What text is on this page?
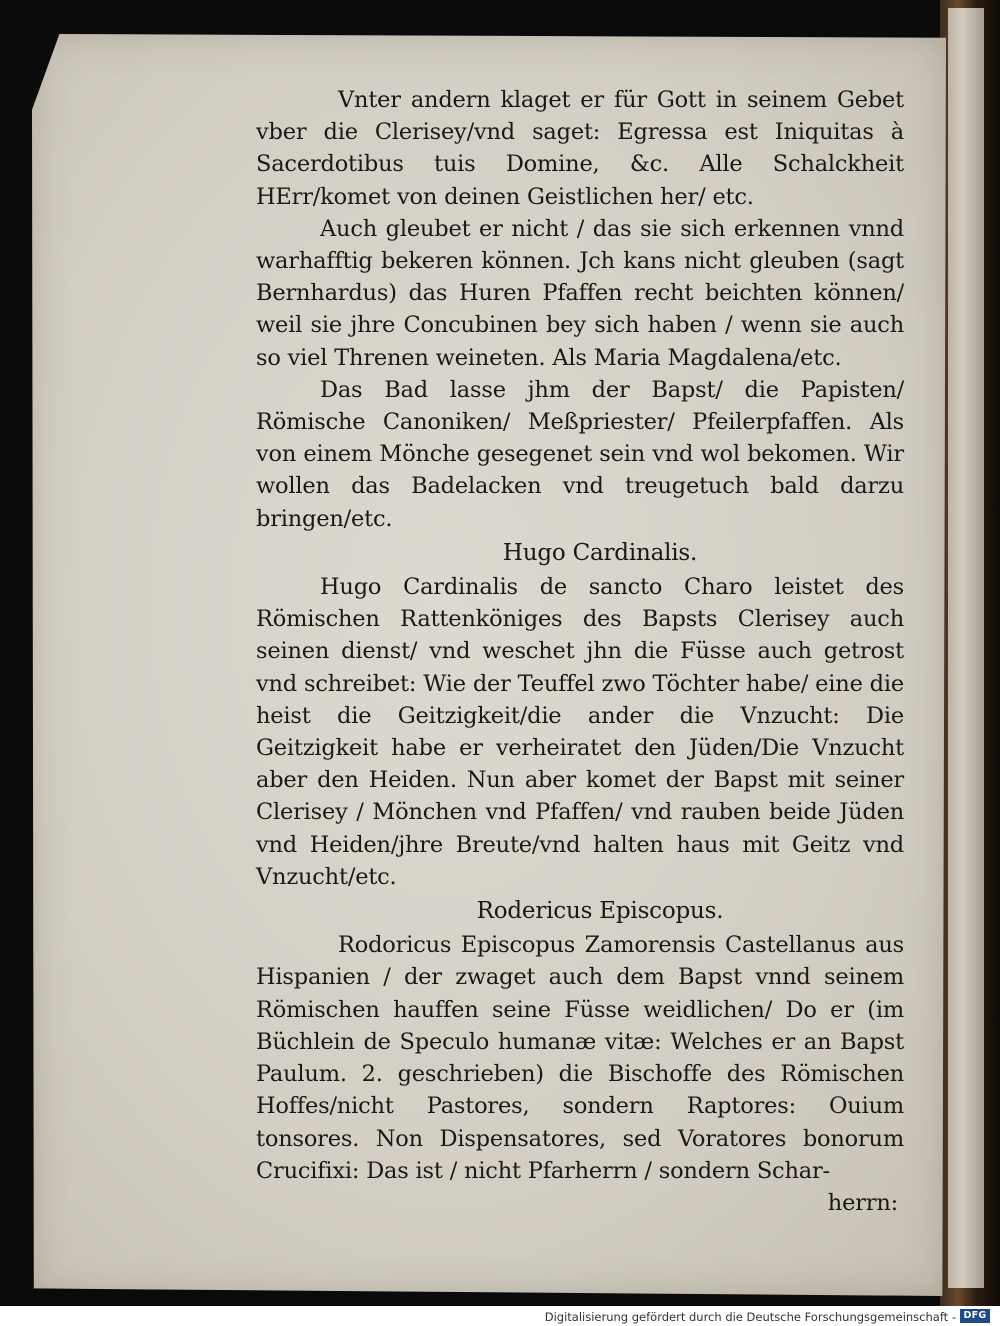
Vnter andern klaget er für Gott in seinem Gebet vber die Clerisey/vnd saget: Egressa est Iniquitas à Sacerdotibus tuis Domine, &c. Alle Schalckheit HErr/komet von deinen Geistlichen her/ etc.

Auch gleubet er nicht / das sie sich erkennen vnnd warhafftig bekeren können. Jch kans nicht gleuben (sagt Bernhardus) das Huren Pfaffen recht beichten können/ weil sie jhre Concubinen bey sich haben / wenn sie auch so viel Threnen weineten. Als Maria Magdalena/etc.

Das Bad lasse jhm der Bapst/ die Papisten/ Römische Canoniken/ Meßpriester/ Pfeilerpfaffen. Als von einem Mönche gesegenet sein vnd wol bekomen. Wir wollen das Badelacken vnd treugetuch bald darzu bringen/etc.

Hugo Cardinalis.

Hugo Cardinalis de sancto Charo leistet des Römischen Rattenköniges des Bapsts Clerisey auch seinen dienst/ vnd weschet jhn die Füsse auch getrost vnd schreibet: Wie der Teuffel zwo Töchter habe/ eine die heist die Geitzigkeit/die ander die Vnzucht: Die Geitzigkeit habe er verheiratet den Jüden/Die Vnzucht aber den Heiden. Nun aber komet der Bapst mit seiner Clerisey / Mönchen vnd Pfaffen/ vnd rauben beide Jüden vnd Heiden/jhre Breute/vnd halten haus mit Geitz vnd Vnzucht/etc.

Rodericus Episcopus.

Rodoricus Episcopus Zamorensis Castellanus aus Hispanien / der zwaget auch dem Bapst vnnd seinem Römischen hauffen seine Füsse weidlichen/ Do er (im Büchlein de Speculo humanæ vitæ: Welches er an Bapst Paulum. 2. geschrieben) die Bischoffe des Römischen Hoffes/nicht Pastores, sondern Raptores: Ouium tonsores. Non Dispensatores, sed Voratores bonorum Crucifixi: Das ist / nicht Pfarherrn / sondern Schar-

herrn:

Digitalisierung gefördert durch die Deutsche Forschungsgemeinschaft - DFG
